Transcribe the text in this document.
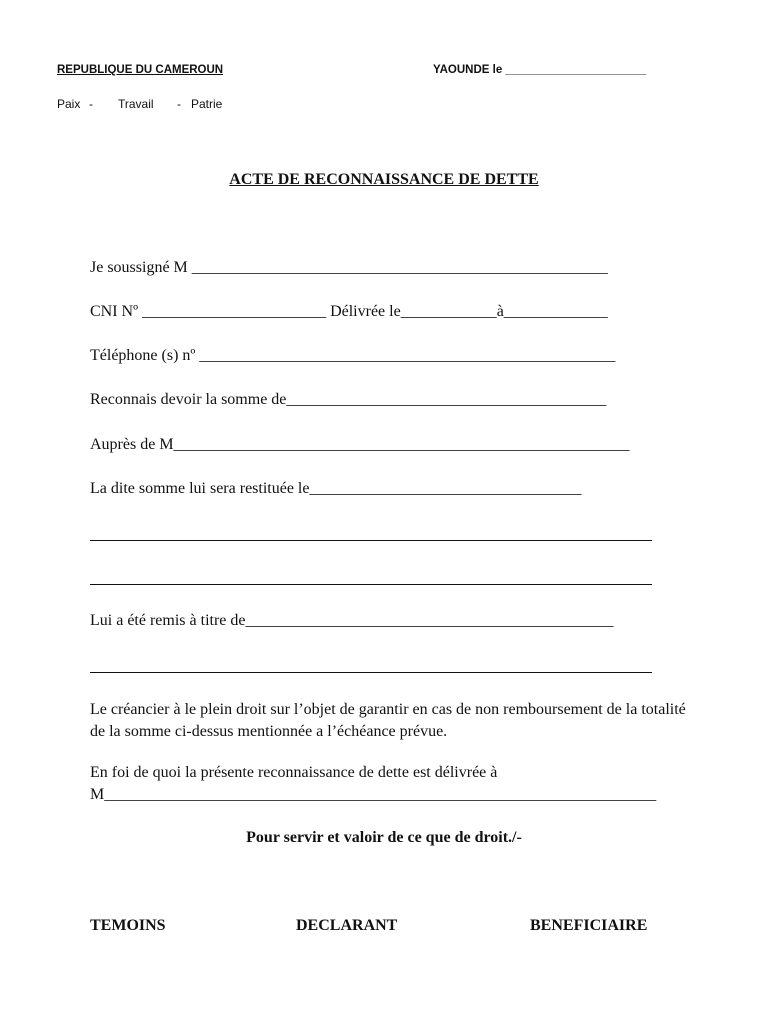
REPUBLIQUE DU CAMEROUN	YAOUNDE le ______________________
Paix - Travail - Patrie
ACTE DE RECONNAISSANCE DE DETTE
Je soussigné M ____________________________________________________
CNI Nº _______________________ Délivrée le____________à_____________
Téléphone (s) nº ____________________________________________________
Reconnais devoir la somme de________________________________________
Auprès de M_________________________________________________________
La dite somme lui sera restituée le__________________________________
Lui a été remis à titre de______________________________________________
Le créancier à le plein droit sur l’objet de garantir en cas de non remboursement de la totalité de la somme ci-dessus mentionnée a l’échéance prévue.
En foi de quoi la présente reconnaissance de dette est délivrée à
M_____________________________________________________________________
Pour servir et valoir de ce que de droit./-
TEMOINS	DECLARANT	BENEFICIAIRE
